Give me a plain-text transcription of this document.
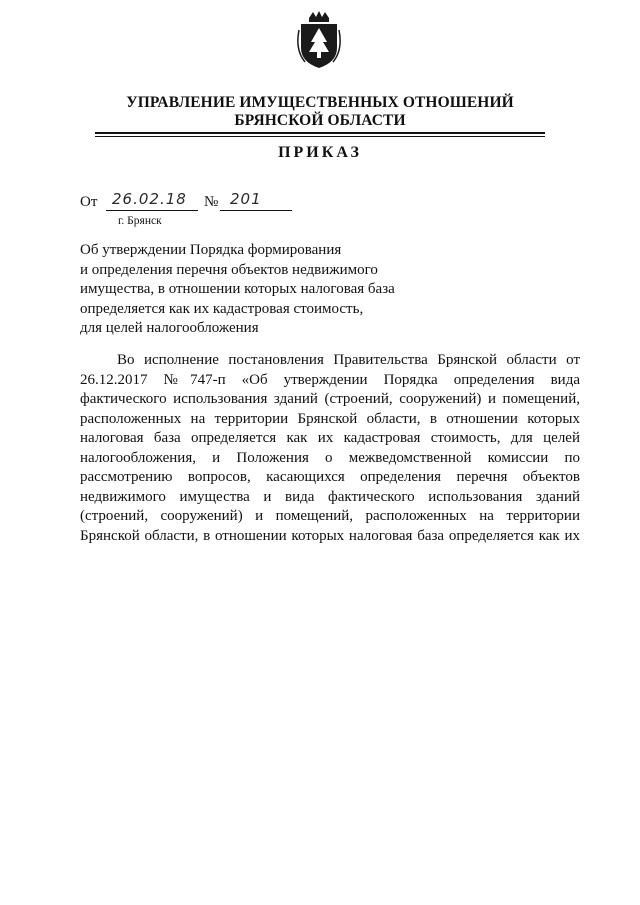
УПРАВЛЕНИЕ ИМУЩЕСТВЕННЫХ ОТНОШЕНИЙ
БРЯНСКОЙ ОБЛАСТИ
ПРИКАЗ
От 26.02.18 № 201
г. Брянск
Об утверждении Порядка формирования
и определения перечня объектов недвижимого
имущества, в отношении которых налоговая база
определяется как их кадастровая стоимость,
для целей налогообложения
Во исполнение постановления Правительства Брянской области от
26.12.2017 №747-п «Об утверждении Порядка определения вида
фактического использования зданий (строений, сооружений) и помещений,
расположенных на территории Брянской области, в отношении которых
налоговая база определяется как их кадастровая стоимость, для целей
налогообложения, и Положения о межведомственной комиссии по
рассмотрению вопросов, касающихся определения перечня объектов
недвижимого имущества и вида фактического использования зданий
(строений, сооружений) и помещений, расположенных на территории
Брянской области, в отношении которых налоговая база определяется как их
